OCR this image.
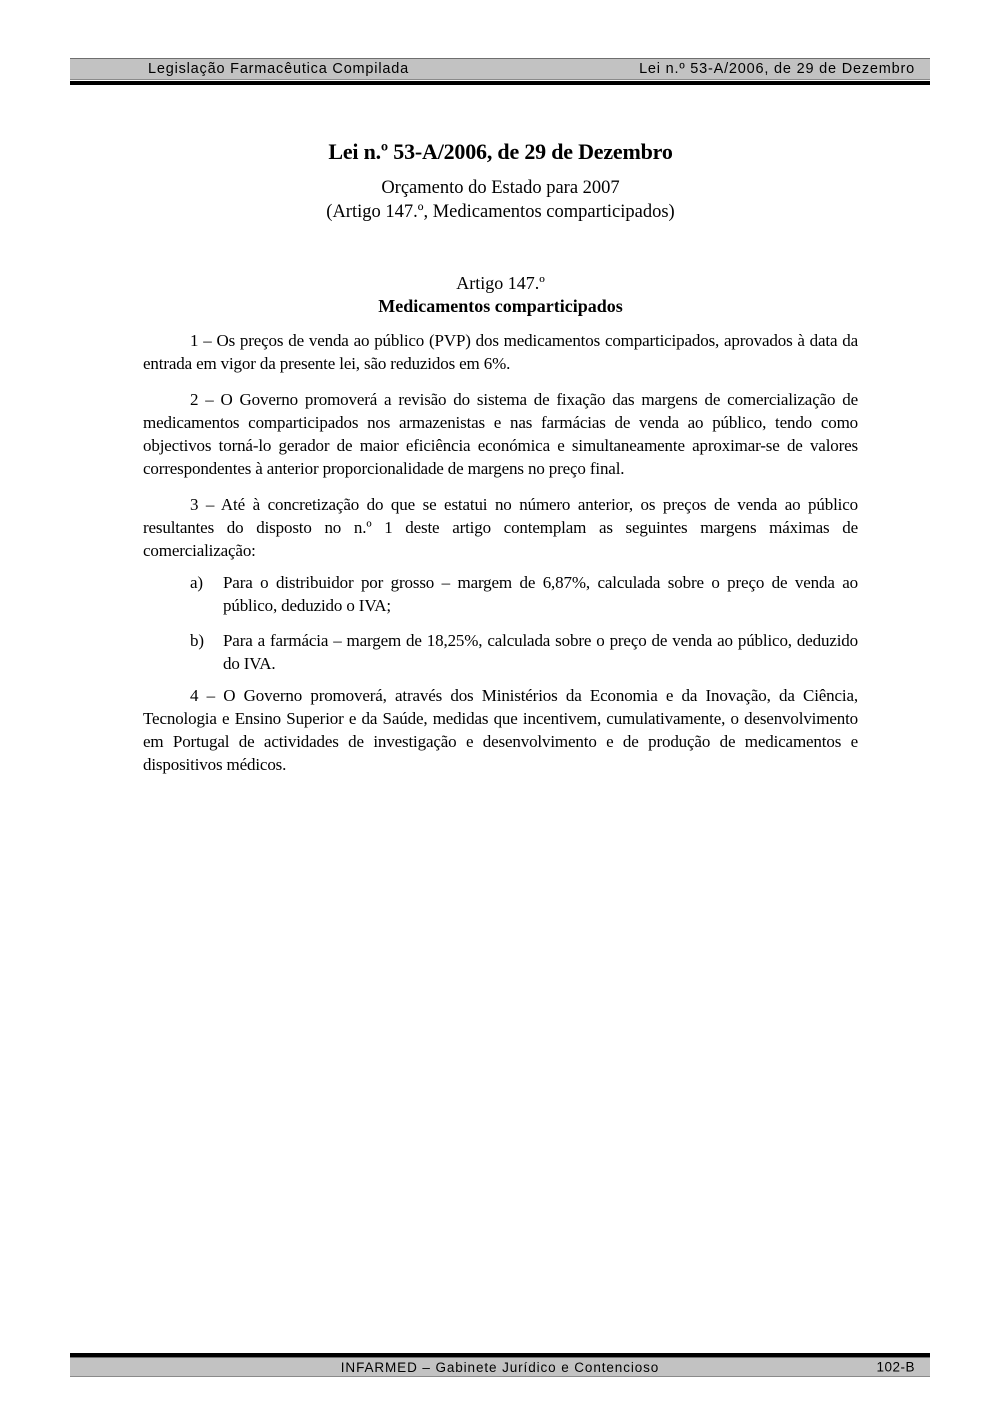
Legislação Farmacêutica Compilada	Lei n.º 53-A/2006, de 29 de Dezembro
Lei n.º 53-A/2006, de 29 de Dezembro
Orçamento do Estado para 2007
(Artigo 147.º, Medicamentos comparticipados)
Artigo 147.º
Medicamentos comparticipados

1 – Os preços de venda ao público (PVP) dos medicamentos comparticipados, aprovados à data da entrada em vigor da presente lei, são reduzidos em 6%.

2 – O Governo promoverá a revisão do sistema de fixação das margens de comercialização de medicamentos comparticipados nos armazenistas e nas farmácias de venda ao público, tendo como objectivos torná-lo gerador de maior eficiência económica e simultaneamente aproximar-se de valores correspondentes à anterior proporcionalidade de margens no preço final.

3 – Até à concretização do que se estatui no número anterior, os preços de venda ao público resultantes do disposto no n.º 1 deste artigo contemplam as seguintes margens máximas de comercialização:

a) Para o distribuidor por grosso – margem de 6,87%, calculada sobre o preço de venda ao público, deduzido o IVA;
b) Para a farmácia – margem de 18,25%, calculada sobre o preço de venda ao público, deduzido do IVA.

4 – O Governo promoverá, através dos Ministérios da Economia e da Inovação, da Ciência, Tecnologia e Ensino Superior e da Saúde, medidas que incentivem, cumulativamente, o desenvolvimento em Portugal de actividades de investigação e desenvolvimento e de produção de medicamentos e dispositivos médicos.

INFARMED – Gabinete Jurídico e Contencioso	102-B
